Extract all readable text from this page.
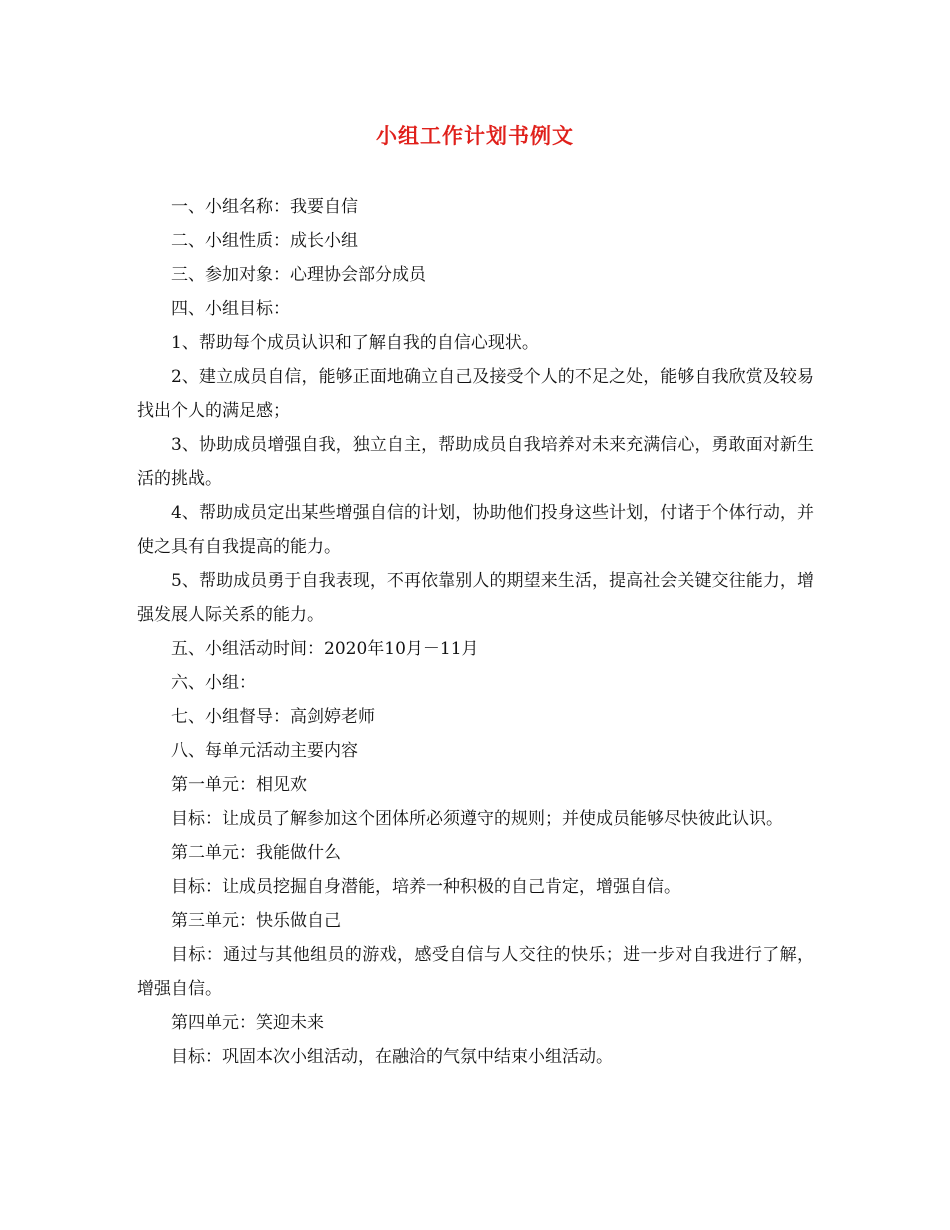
小组工作计划书例文

一、小组名称：我要自信

二、小组性质：成长小组

三、参加对象：心理协会部分成员

四、小组目标：

1、帮助每个成员认识和了解自我的自信心现状。

2、建立成员自信，能够正面地确立自己及接受个人的不足之处，能够自我欣赏及较易找出个人的满足感；

3、协助成员增强自我，独立自主，帮助成员自我培养对未来充满信心，勇敢面对新生活的挑战。

4、帮助成员定出某些增强自信的计划，协助他们投身这些计划，付诸于个体行动，并使之具有自我提高的能力。

5、帮助成员勇于自我表现，不再依靠别人的期望来生活，提高社会关键交往能力，增强发展人际关系的能力。

五、小组活动时间：2020年10月－11月

六、小组：

七、小组督导：高剑婷老师

八、每单元活动主要内容

第一单元：相见欢

目标：让成员了解参加这个团体所必须遵守的规则；并使成员能够尽快彼此认识。

第二单元：我能做什么

目标：让成员挖掘自身潜能，培养一种积极的自己肯定，增强自信。

第三单元：快乐做自己

目标：通过与其他组员的游戏，感受自信与人交往的快乐；进一步对自我进行了解，增强自信。

第四单元：笑迎未来

目标：巩固本次小组活动，在融洽的气氛中结束小组活动。
